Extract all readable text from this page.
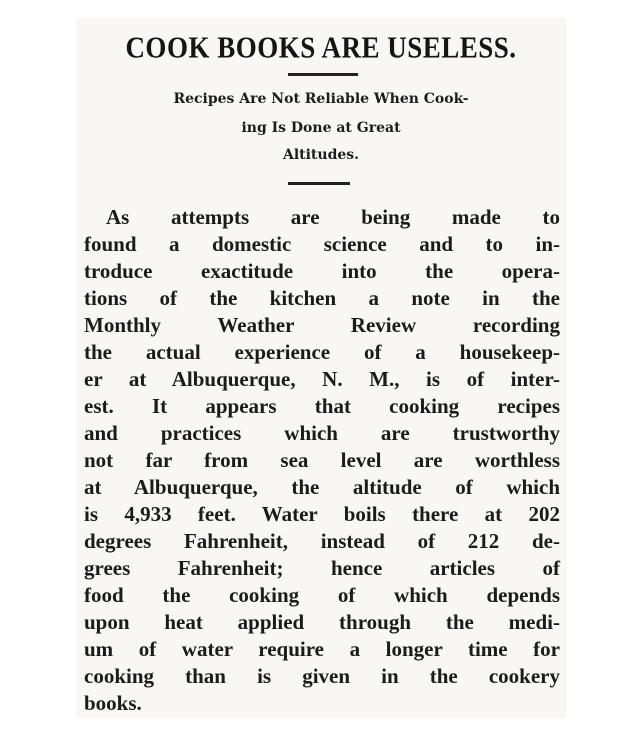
COOK BOOKS ARE USELESS.
Recipes Are Not Reliable When Cook-
ing Is Done at Great
Altitudes.
As attempts are being made to
found a domestic science and to in-
troduce exactitude into the opera-
tions of the kitchen a note in the
Monthly Weather Review recording
the actual experience of a housekeep-
er at Albuquerque, N. M., is of inter-
est. It appears that cooking recipes
and practices which are trustworthy
not far from sea level are worthless
at Albuquerque, the altitude of which
is 4,933 feet. Water boils there at 202
degrees Fahrenheit, instead of 212 de-
grees Fahrenheit; hence articles of
food the cooking of which depends
upon heat applied through the medi-
um of water require a longer time for
cooking than is given in the cookery
books.
